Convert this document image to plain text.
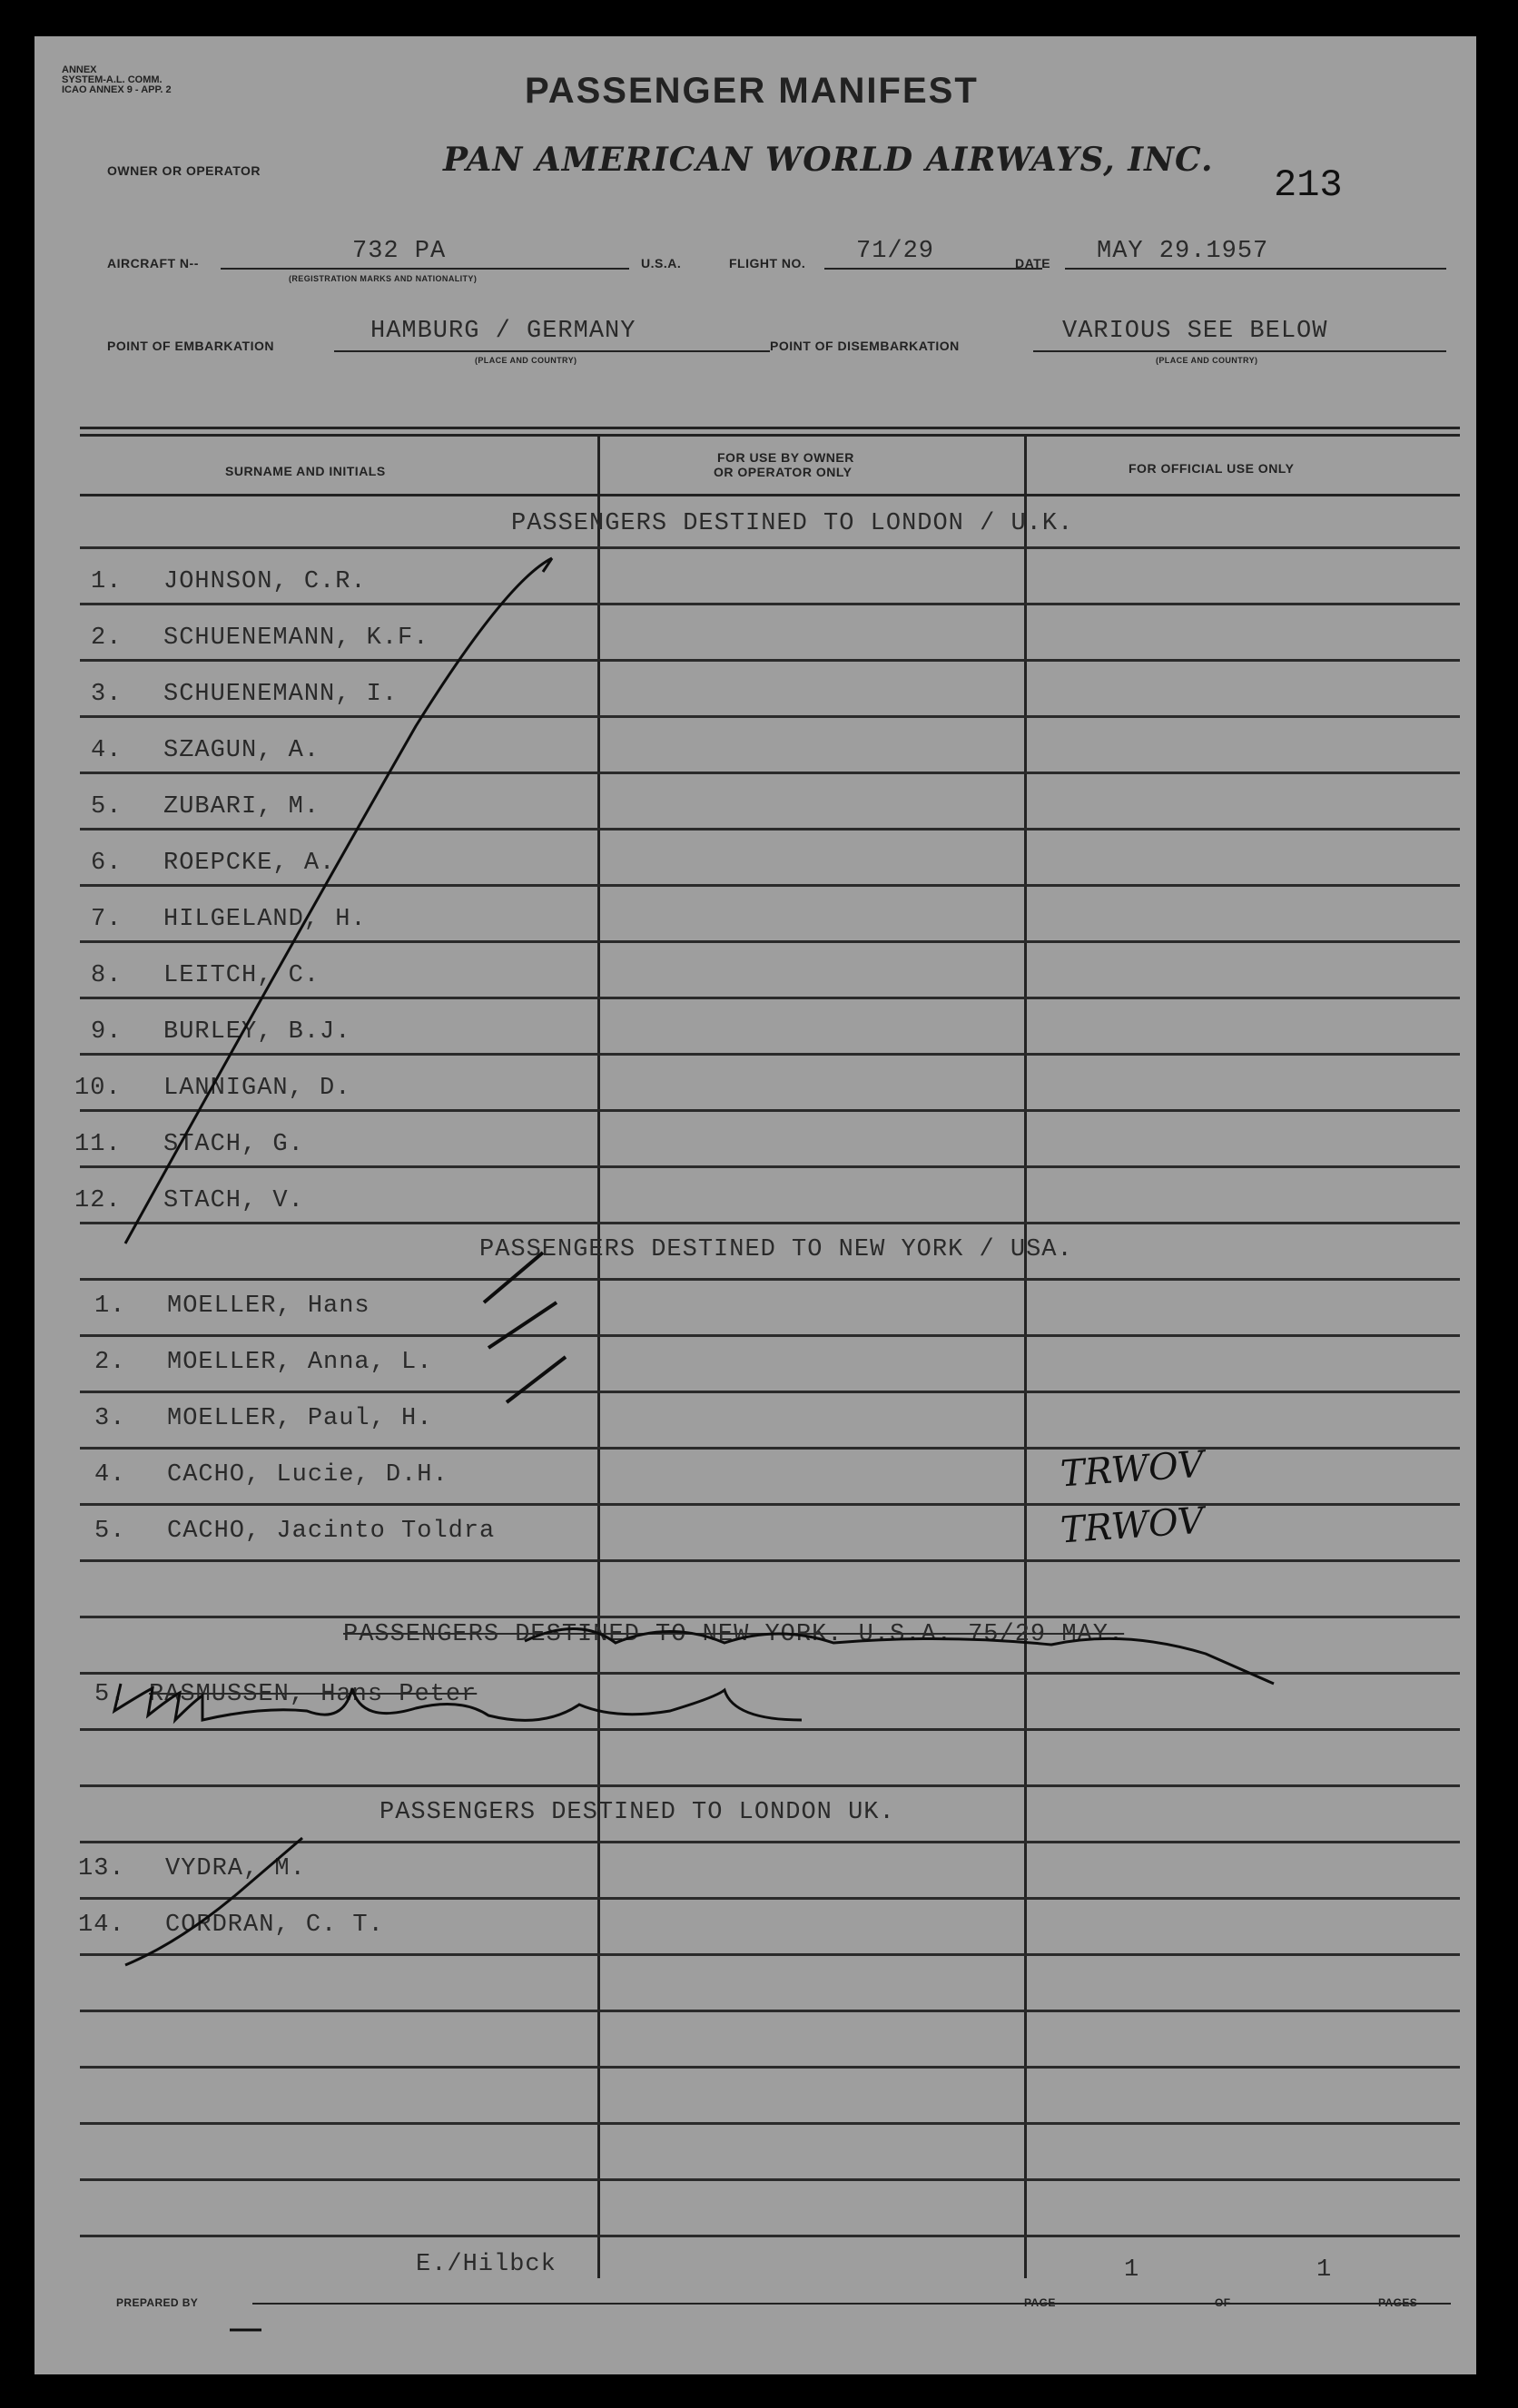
ANNEX
SYSTEM-A.L. COMM.
ICAO ANNEX 9 - APP. 2	PASSENGER MANIFEST
OWNER OR OPERATOR	PAN AMERICAN WORLD AIRWAYS, INC.
213
AIRCRAFT N--	732 PA
(REGISTRATION MARKS AND NATIONALITY)
U.S.A.	FLIGHT NO. 71/29	DATE MAY 29.1957
POINT OF EMBARKATION
HAMBURG / GERMANY
(PLACE AND COUNTRY)
POINT OF DISEMBARKATION
VARIOUS SEE BELOW
(PLACE AND COUNTRY)
SURNAME AND INITIALS
FOR USE BY OWNER
OR OPERATOR ONLY	FOR OFFICIAL USE ONLY
PASSENGERS DESTINED TO LONDON / U.K.
1. JOHNSON, C.R.
2. SCHUENEMANN, K.F.
3. SCHUENEMANN, I.
4. SZAGUN, A.
5. ZUBARI, M.
6. ROEPCKE, A.
7. HILGELAND, H.
8. LEITCH, C.
9. BURLEY, B.J.
10. LANNIGAN, D.
11. STACH, G.
12. STACH, V.
PASSENGERS DESTINED TO NEW YORK / USA.
1. MOELLER, Hans
2. MOELLER, Anna, L.
3. MOELLER, Paul, H.
4. CACHO, Lucie, D.H.
5. CACHO, Jacinto Toldra
TRWOV
TRWOV
PASSENGERS DESTINED TO NEW YORK. U.S.A. 75/29 MAY.
5. RASMUSSEN, Hans Peter
PASSENGERS DESTINED TO LONDON UK.
13. VYDRA, M.
14. CORDRAN, C. T.
E./Hilbck
PREPARED BY
1
PAGE	OF
1
PAGES
